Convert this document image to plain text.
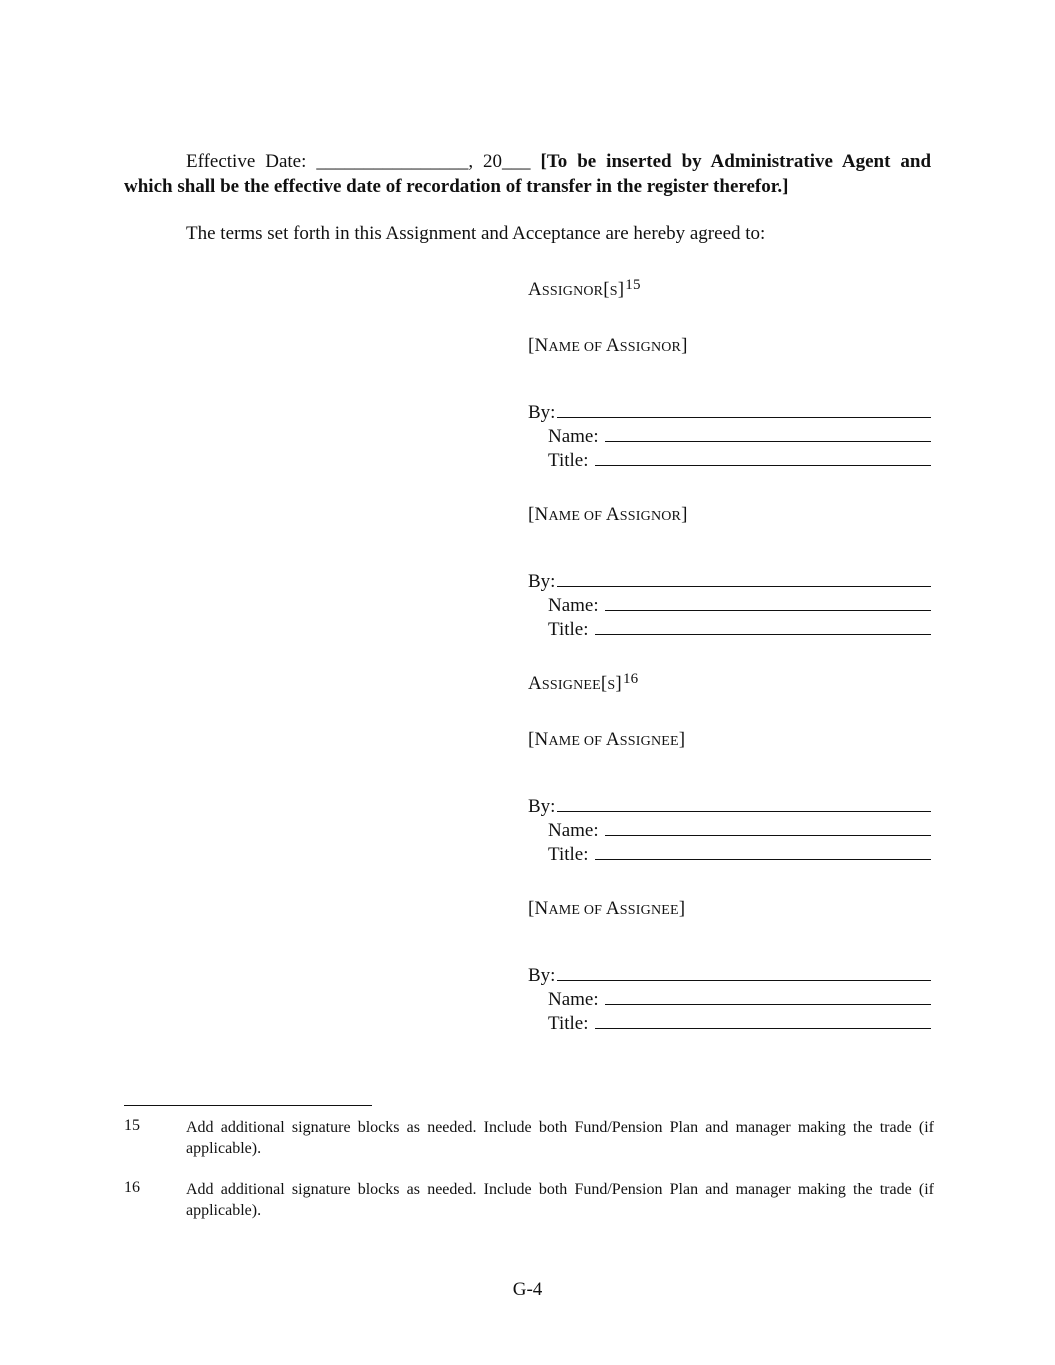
Effective Date: ________________, 20___ [To be inserted by Administrative Agent and which shall be the effective date of recordation of transfer in the register therefor.]
The terms set forth in this Assignment and Acceptance are hereby agreed to:
$ASSIGNOR[S]^{15}$
[NAME OF ASSIGNOR]
By:
Name:
Title:
[NAME OF ASSIGNOR]
By:
Name:
Title:
$ASSIGNEE[S]^{16}$
[NAME OF ASSIGNEE]
By:
Name:
Title:
[NAME OF ASSIGNEE]
By:
Name:
Title:
15	Add additional signature blocks as needed. Include both Fund/Pension Plan and manager making the trade (if applicable).
16	Add additional signature blocks as needed. Include both Fund/Pension Plan and manager making the trade (if applicable).
G-4
